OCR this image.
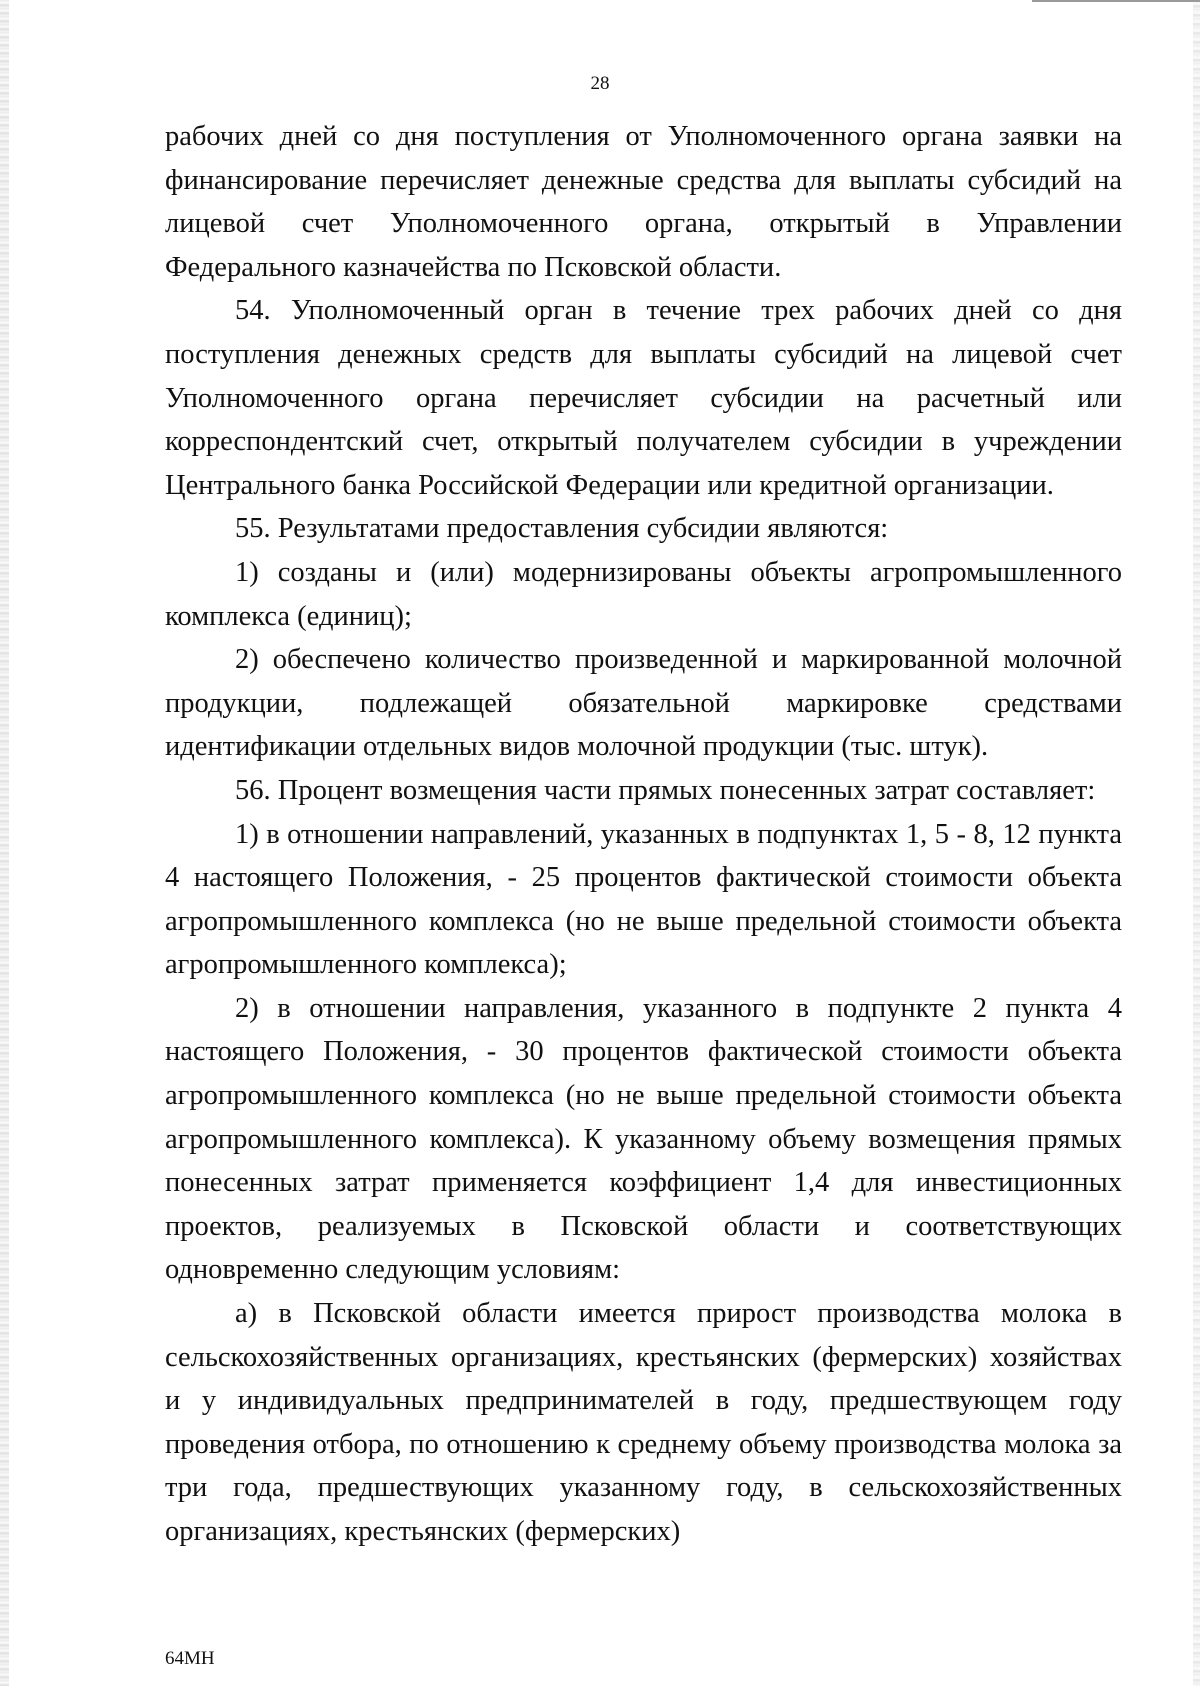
28

рабочих дней со дня поступления от Уполномоченного органа заявки на финансирование перечисляет денежные средства для выплаты субсидий на лицевой счет Уполномоченного органа, открытый в Управлении Федерального казначейства по Псковской области.

54. Уполномоченный орган в течение трех рабочих дней со дня поступления денежных средств для выплаты субсидий на лицевой счет Уполномоченного органа перечисляет субсидии на расчетный или корреспондентский счет, открытый получателем субсидии в учреждении Центрального банка Российской Федерации или кредитной организации.

55. Результатами предоставления субсидии являются:

1) созданы и (или) модернизированы объекты агропромышленного комплекса (единиц);

2) обеспечено количество произведенной и маркированной молочной продукции, подлежащей обязательной маркировке средствами идентификации отдельных видов молочной продукции (тыс. штук).

56. Процент возмещения части прямых понесенных затрат составляет:

1) в отношении направлений, указанных в подпунктах 1, 5 - 8, 12 пункта 4 настоящего Положения, - 25 процентов фактической стоимости объекта агропромышленного комплекса (но не выше предельной стоимости объекта агропромышленного комплекса);

2) в отношении направления, указанного в подпункте 2 пункта 4 настоящего Положения, - 30 процентов фактической стоимости объекта агропромышленного комплекса (но не выше предельной стоимости объекта агропромышленного комплекса). К указанному объему возмещения прямых понесенных затрат применяется коэффициент 1,4 для инвестиционных проектов, реализуемых в Псковской области и соответствующих одновременно следующим условиям:

а) в Псковской области имеется прирост производства молока в сельскохозяйственных организациях, крестьянских (фермерских) хозяйствах и у индивидуальных предпринимателей в году, предшествующем году проведения отбора, по отношению к среднему объему производства молока за три года, предшествующих указанному году, в сельскохозяйственных организациях, крестьянских (фермерских)

64МН
